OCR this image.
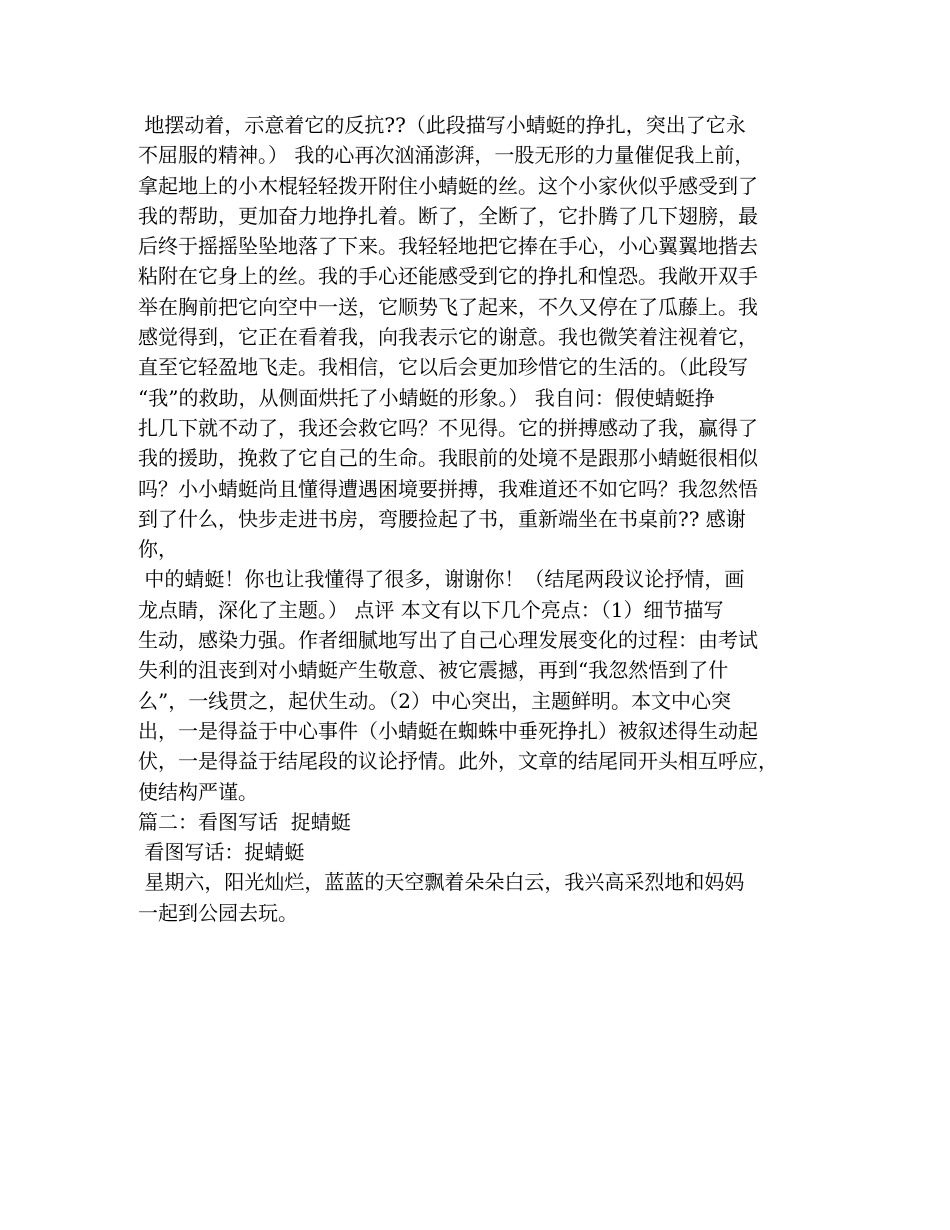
地摆动着，示意着它的反抗??（此段描写小蜻蜓的挣扎，突出了它永
不屈服的精神。） 我的心再次汹涌澎湃，一股无形的力量催促我上前，
拿起地上的小木棍轻轻拨开附住小蜻蜓的丝。这个小家伙似乎感受到了
我的帮助，更加奋力地挣扎着。断了，全断了，它扑腾了几下翅膀，最
后终于摇摇坠坠地落了下来。我轻轻地把它捧在手心，小心翼翼地揩去
粘附在它身上的丝。我的手心还能感受到它的挣扎和惶恐。我敞开双手
举在胸前把它向空中一送，它顺势飞了起来，不久又停在了瓜藤上。我
感觉得到，它正在看着我，向我表示它的谢意。我也微笑着注视着它，
直至它轻盈地飞走。我相信，它以后会更加珍惜它的生活的。（此段写
“我”的救助，从侧面烘托了小蜻蜓的形象。） 我自问：假使蜻蜓挣
扎几下就不动了，我还会救它吗？不见得。它的拼搏感动了我，赢得了
我的援助，挽救了它自己的生命。我眼前的处境不是跟那小蜻蜓很相似
吗？小小蜻蜓尚且懂得遭遇困境要拼搏，我难道还不如它吗？我忽然悟
到了什么，快步走进书房，弯腰捡起了书，重新端坐在书桌前?? 感谢
你，
中的蜻蜓！你也让我懂得了很多，谢谢你！（结尾两段议论抒情，画
龙点睛，深化了主题。） 点评 本文有以下几个亮点：（1）细节描写
生动，感染力强。作者细腻地写出了自己心理发展变化的过程：由考试
失利的沮丧到对小蜻蜓产生敬意、被它震撼，再到“我忽然悟到了什
么”，一线贯之，起伏生动。（2）中心突出，主题鲜明。本文中心突
出，一是得益于中心事件（小蜻蜓在蜘蛛中垂死挣扎）被叙述得生动起
伏，一是得益于结尾段的议论抒情。此外，文章的结尾同开头相互呼应，
使结构严谨。
篇二：看图写话  捉蜻蜓
看图写话：捉蜻蜓
星期六，阳光灿烂，蓝蓝的天空飘着朵朵白云，我兴高采烈地和妈妈
一起到公园去玩。
